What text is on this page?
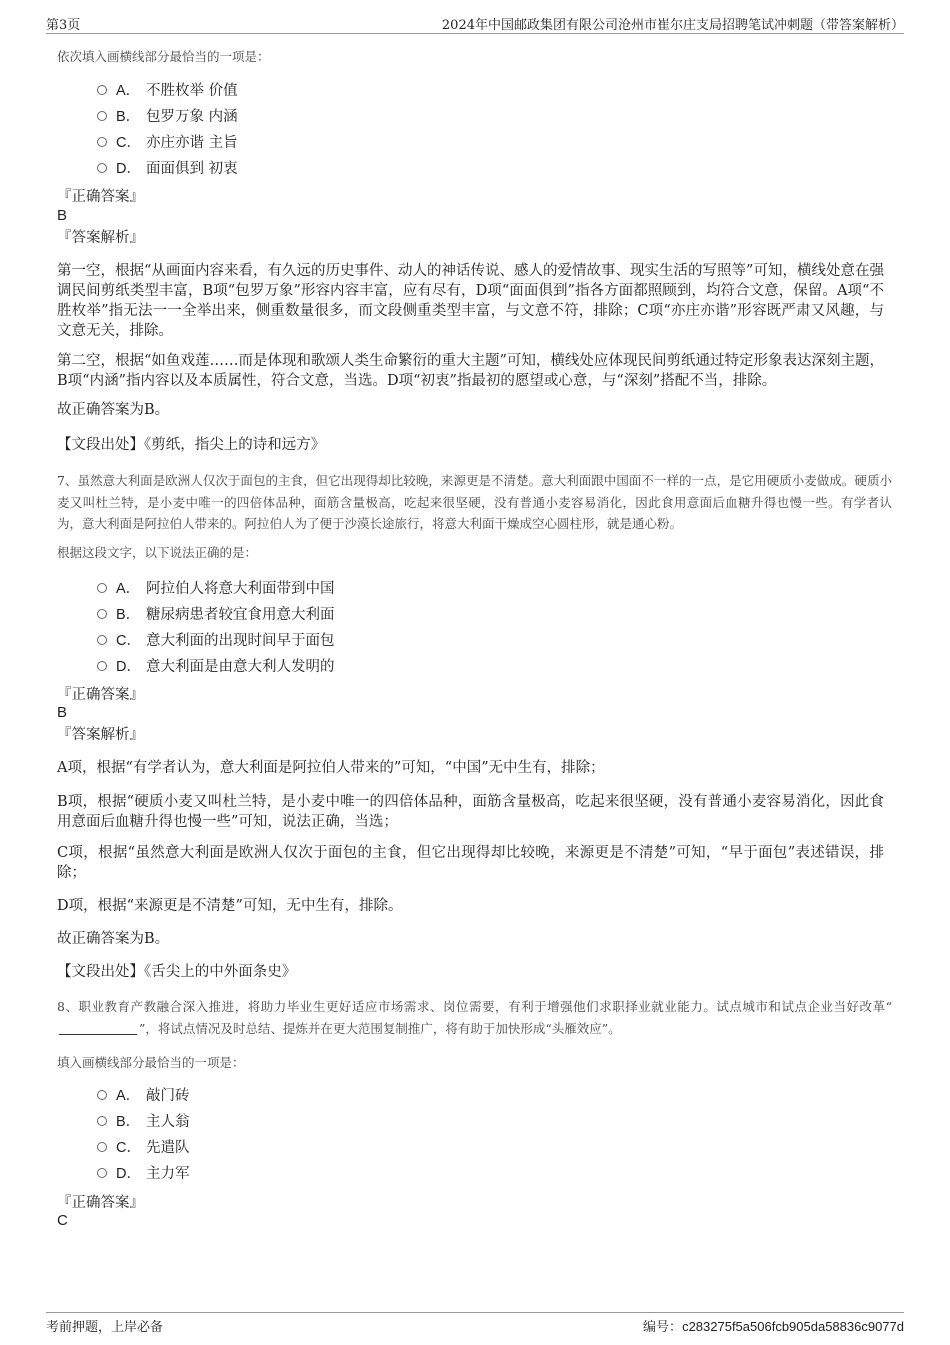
第3页	2024年中国邮政集团有限公司沧州市崔尔庄支局招聘笔试冲刺题（带答案解析）
依次填入画横线部分最恰当的一项是：
A． 不胜枚举 价值
B． 包罗万象 内涵
C． 亦庄亦谐 主旨
D． 面面俱到 初衷
『正确答案』
B
『答案解析』
第一空，根据“从画面内容来看，有久远的历史事件、动人的神话传说、感人的爱情故事、现实生活的写照等”可知，横线处意在强调民间剪纸类型丰富，B项“包罗万象”形容内容丰富，应有尽有，D项“面面俱到”指各方面都照顾到，均符合文意，保留。A项“不胜枚举”指无法一一全举出来，侧重数量很多，而文段侧重类型丰富，与文意不符，排除；C项“亦庄亦谐”形容既严肃又风趣，与文意无关，排除。
第二空，根据“如鱼戏莲……而是体现和歌颂人类生命繁衍的重大主题”可知，横线处应体现民间剪纸通过特定形象表达深刻主题，B项“内涵”指内容以及本质属性，符合文意，当选。D项“初衷”指最初的愿望或心意，与“深刻”搭配不当，排除。
故正确答案为B。
【文段出处】《剪纸，指尖上的诗和远方》
7、虽然意大利面是欧洲人仅次于面包的主食，但它出现得却比较晚，来源更是不清楚。意大利面跟中国面不一样的一点，是它用硬质小麦做成。硬质小麦又叫杜兰特，是小麦中唯一的四倍体品种，面筋含量极高，吃起来很坚硬，没有普通小麦容易消化，因此食用意面后血糖升得也慢一些。有学者认为，意大利面是阿拉伯人带来的。阿拉伯人为了便于沙漠长途旅行，将意大利面干燥成空心圆柱形，就是通心粉。
根据这段文字，以下说法正确的是：
A． 阿拉伯人将意大利面带到中国
B． 糖尿病患者较宜食用意大利面
C． 意大利面的出现时间早于面包
D． 意大利面是由意大利人发明的
『正确答案』
B
『答案解析』
A项，根据“有学者认为，意大利面是阿拉伯人带来的”可知，“中国”无中生有，排除；
B项，根据“硬质小麦又叫杜兰特，是小麦中唯一的四倍体品种，面筋含量极高，吃起来很坚硬，没有普通小麦容易消化，因此食用意面后血糖升得也慢一些”可知，说法正确，当选；
C项，根据“虽然意大利面是欧洲人仅次于面包的主食，但它出现得却比较晚，来源更是不清楚”可知，“早于面包”表述错误，排除；
D项，根据“来源更是不清楚”可知，无中生有，排除。
故正确答案为B。
【文段出处】《舌尖上的中外面条史》
8、职业教育产教融合深入推进，将助力毕业生更好适应市场需求、岗位需要，有利于增强他们求职择业就业能力。试点城市和试点企业当好改革“”，将试点情况及时总结、提炼并在更大范围复制推广，将有助于加快形成“头雁效应”。
填入画横线部分最恰当的一项是：
A． 敲门砖
B． 主人翁
C． 先遣队
D． 主力军
『正确答案』
C
考前押题，上岸必备	编号：c283275f5a506fcb905da58836c9077d
